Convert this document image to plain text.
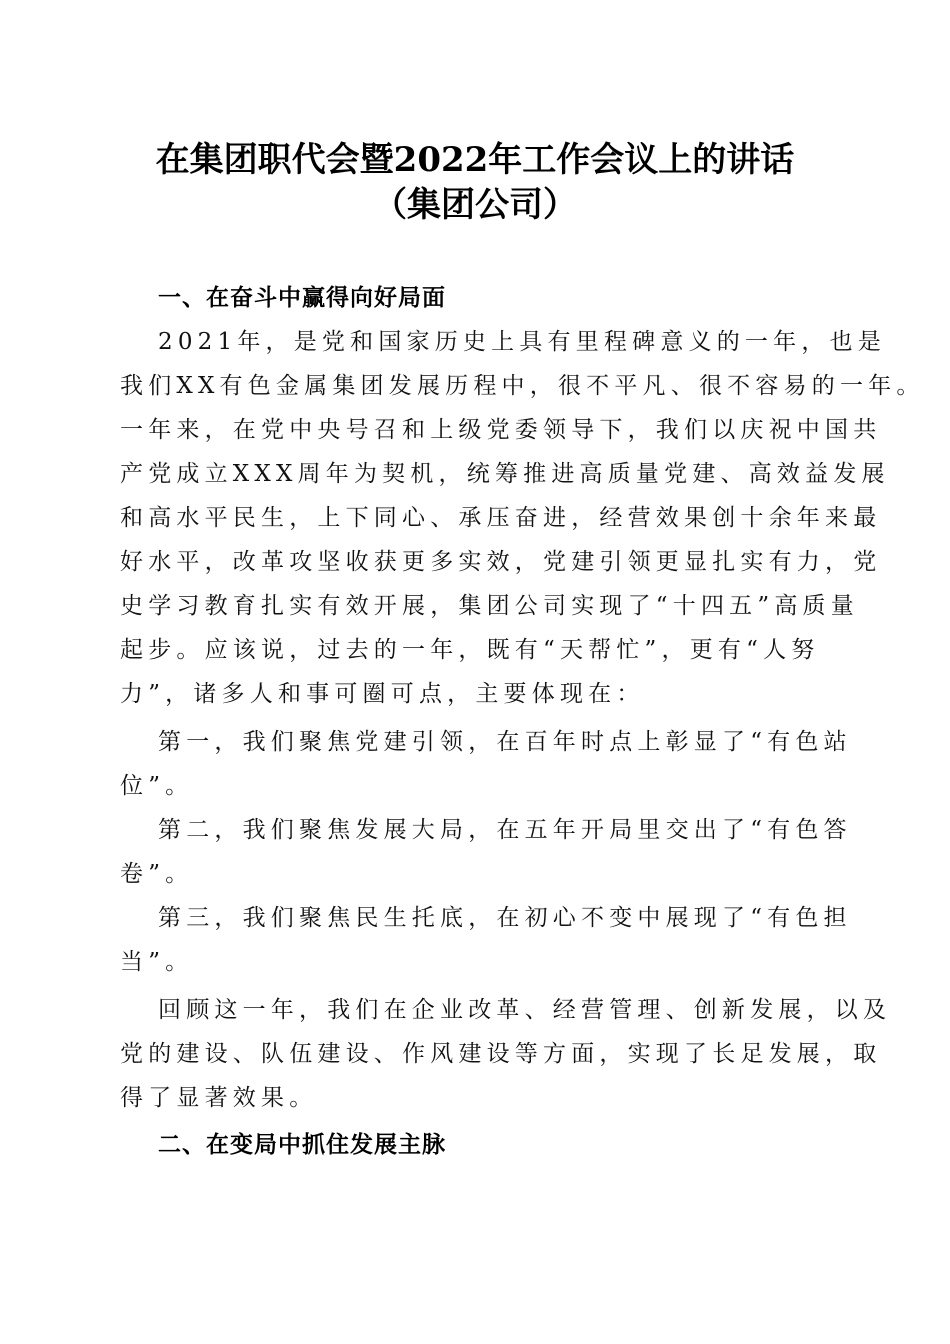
在集团职代会暨2022年工作会议上的讲话
（集团公司）
一、在奋斗中赢得向好局面
2021年，是党和国家历史上具有里程碑意义的一年，也是
我们XX有色金属集团发展历程中，很不平凡、很不容易的一年。
一年来，在党中央号召和上级党委领导下，我们以庆祝中国共
产党成立XXX周年为契机，统筹推进高质量党建、高效益发展
和高水平民生，上下同心、承压奋进，经营效果创十余年来最
好水平，改革攻坚收获更多实效，党建引领更显扎实有力，党
史学习教育扎实有效开展，集团公司实现了“十四五”高质量
起步。应该说，过去的一年，既有“天帮忙”，更有“人努
力”，诸多人和事可圈可点，主要体现在：
第一，我们聚焦党建引领，在百年时点上彰显了“有色站
位”。
第二，我们聚焦发展大局，在五年开局里交出了“有色答
卷”。
第三，我们聚焦民生托底，在初心不变中展现了“有色担
当”。
回顾这一年，我们在企业改革、经营管理、创新发展，以及
党的建设、队伍建设、作风建设等方面，实现了长足发展，取
得了显著效果。
二、在变局中抓住发展主脉
